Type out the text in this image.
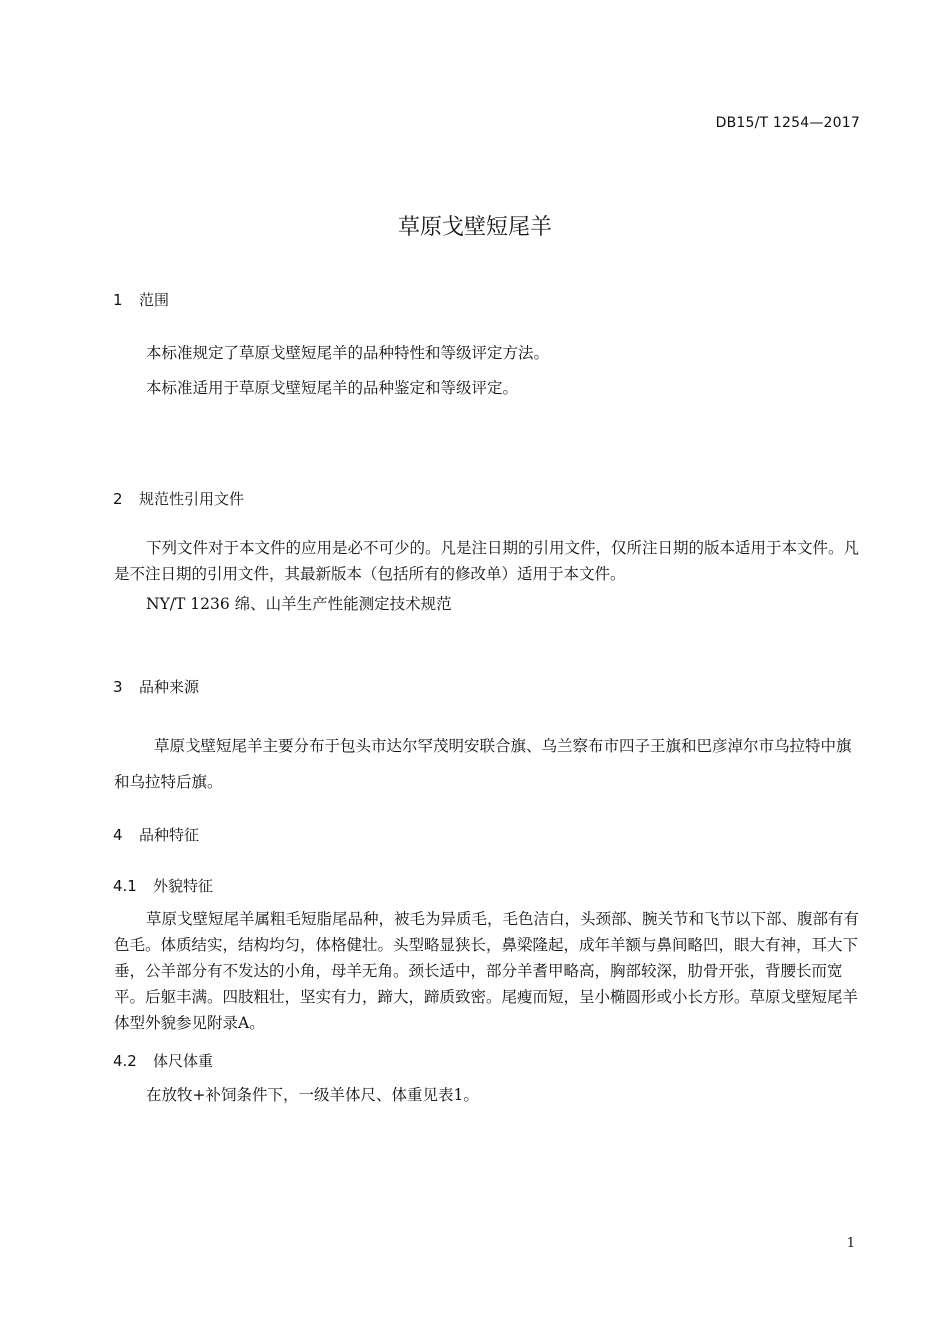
DB15/T 1254—2017
草原戈壁短尾羊
1 范围

本标准规定了草原戈壁短尾羊的品种特性和等级评定方法。

本标准适用于草原戈壁短尾羊的品种鉴定和等级评定。

2 规范性引用文件

下列文件对于本文件的应用是必不可少的。凡是注日期的引用文件，仅所注日期的版本适用于本文件。凡是不注日期的引用文件，其最新版本（包括所有的修改单）适用于本文件。

NY/T 1236 绵、山羊生产性能测定技术规范

3 品种来源

草原戈壁短尾羊主要分布于包头市达尔罕茂明安联合旗、乌兰察布市四子王旗和巴彦淖尔市乌拉特中旗和乌拉特后旗。

4 品种特征
4.1 外貌特征

草原戈壁短尾羊属粗毛短脂尾品种，被毛为异质毛，毛色洁白，头颈部、腕关节和飞节以下部、腹部有有色毛。体质结实，结构均匀，体格健壮。头型略显狭长，鼻梁隆起，成年羊额与鼻间略凹，眼大有神，耳大下垂，公羊部分有不发达的小角，母羊无角。颈长适中，部分羊耆甲略高，胸部较深，肋骨开张，背腰长而宽平。后躯丰满。四肢粗壮，坚实有力，蹄大，蹄质致密。尾瘦而短，呈小椭圆形或小长方形。草原戈壁短尾羊体型外貌参见附录A。

4.2 体尺体重

在放牧+补饲条件下，一级羊体尺、体重见表1。

1
